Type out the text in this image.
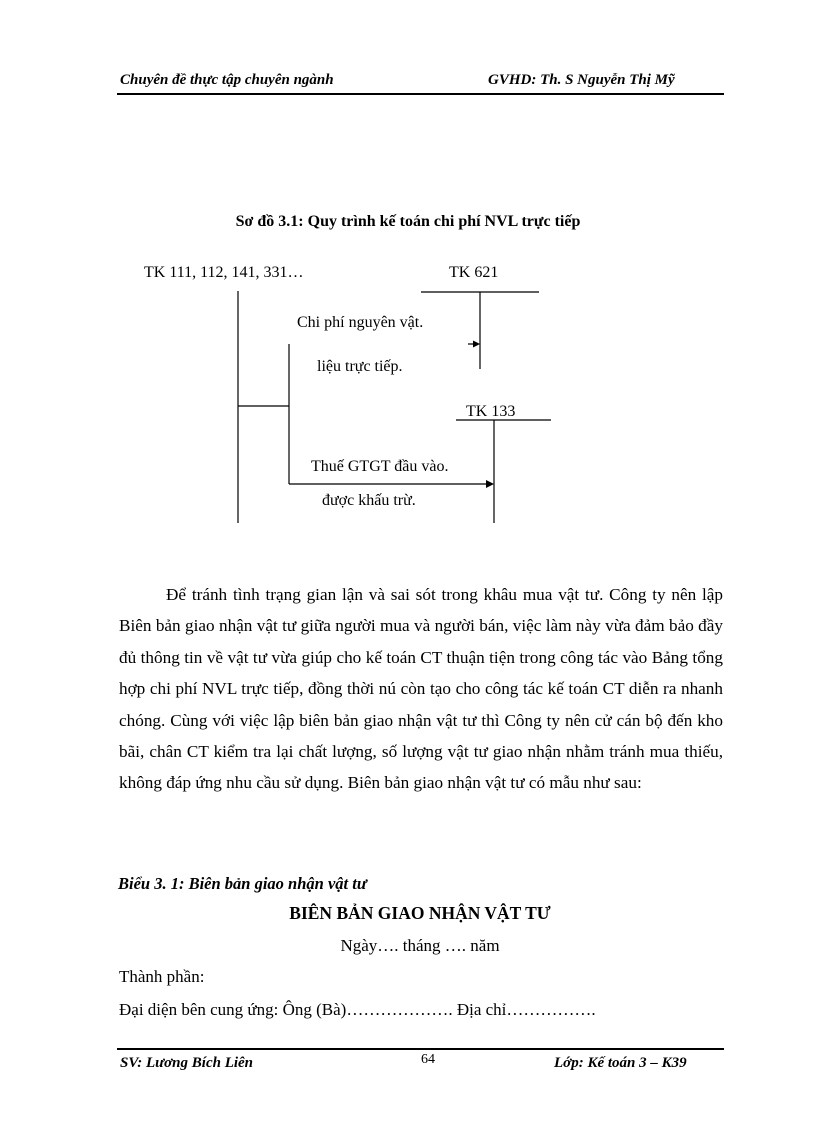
Chuyên đề thực tập chuyên ngành	GVHD: Th. S Nguyễn Thị Mỹ
Sơ đồ 3.1: Quy trình kế toán chi phí NVL trực tiếp
TK 111, 112, 141, 331…	TK 621
TK 133
Chi phí nguyên vật.
liệu trực tiếp.
Thuế GTGT đầu vào.
được khấu trừ.

Để tránh tình trạng gian lận và sai sót trong khâu mua vật tư. Công ty nên lập Biên bản giao nhận vật tư giữa người mua và người bán, việc làm này vừa đảm bảo đầy đủ thông tin về vật tư vừa giúp cho kế toán CT thuận tiện trong công tác vào Bảng tổng hợp chi phí NVL trực tiếp, đồng thời nú còn tạo cho công tác kế toán CT diễn ra nhanh chóng. Cùng với việc lập biên bản giao nhận vật tư thì Công ty nên cử cán bộ đến kho bãi, chân CT kiểm tra lại chất lượng, số lượng vật tư giao nhận nhằm tránh mua thiếu, không đáp ứng nhu cầu sử dụng. Biên bản giao nhận vật tư có mẫu như sau:

Biểu 3. 1: Biên bản giao nhận vật tư
BIÊN BẢN GIAO NHẬN VẬT TƯ
Ngày…. tháng …. năm
Thành phần:
Đại diện bên cung ứng: Ông (Bà)………………. Địa chỉ…………….
SV: Lương Bích Liên	64	Lớp: Kế toán 3 – K39
